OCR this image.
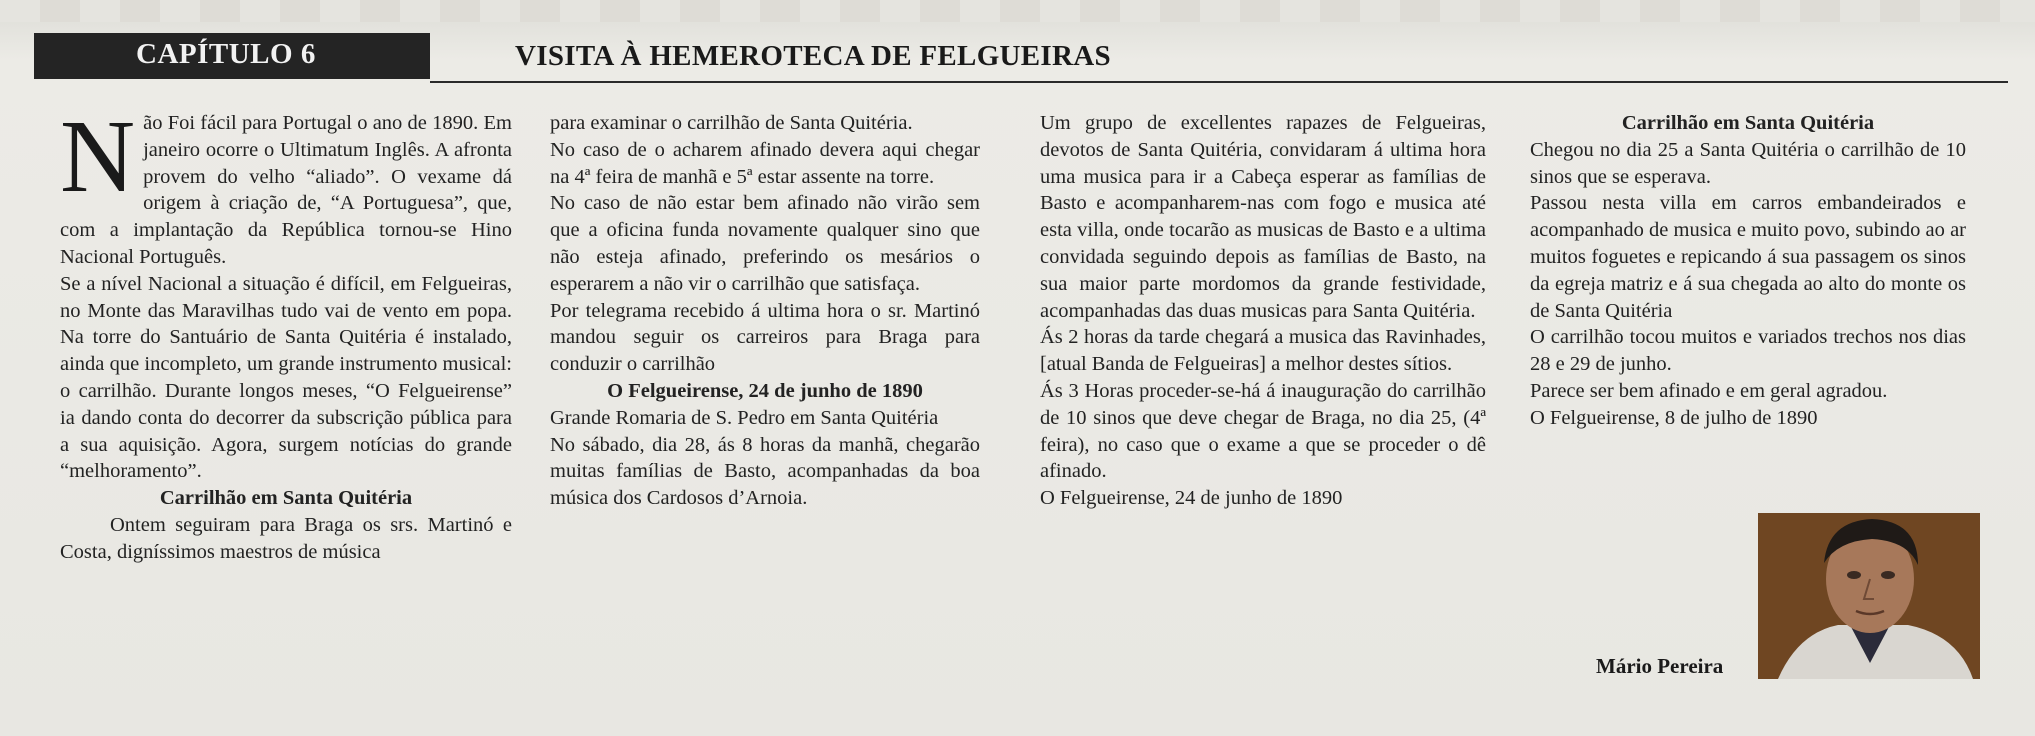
CAPÍTULO 6	VISITA À HEMEROTECA DE FELGUEIRAS

Não Foi fácil para Portugal o ano de 1890. Em janeiro ocorre o Ultimatum Inglês. A afronta provem do velho “aliado”. O vexame dá origem à criação de, “A Portuguesa”, que, com a implantação da República tornou-se Hino Nacional Português.

Se a nível Nacional a situação é difícil, em Felgueiras, no Monte das Maravilhas tudo vai de vento em popa. Na torre do Santuário de Santa Quitéria é instalado, ainda que incompleto, um grande instrumento musical: o carrilhão. Durante longos meses, “O Felgueirense” ia dando conta do decorrer da subscrição pública para a sua aquisição. Agora, surgem notícias do grande “melhoramento”.

Carrilhão em Santa Quitéria

Ontem seguiram para Braga os srs. Martinó e Costa, digníssimos maestros de música

para examinar o carrilhão de Santa Quitéria.

No caso de o acharem afinado devera aqui chegar na 4ª feira de manhã e 5ª estar assente na torre.

No caso de não estar bem afinado não virão sem que a oficina funda novamente qualquer sino que não esteja afinado, preferindo os mesários o esperarem a não vir o carrilhão que satisfaça.

Por telegrama recebido á ultima hora o sr. Martinó mandou seguir os carreiros para Braga para conduzir o carrilhão

O Felgueirense, 24 de junho de 1890

Grande Romaria de S. Pedro em Santa Quitéria

No sábado, dia 28, ás 8 horas da manhã, chegarão muitas famílias de Basto, acompanhadas da boa música dos Cardosos d’Arnoia.

Um grupo de excellentes rapazes de Felgueiras, devotos de Santa Quitéria, convidaram á ultima hora uma musica para ir a Cabeça esperar as famílias de Basto e acompanharem-nas com fogo e musica até esta villa, onde tocarão as musicas de Basto e a ultima convidada seguindo depois as famílias de Basto, na sua maior parte mordomos da grande festividade, acompanhadas das duas musicas para Santa Quitéria.

Ás 2 horas da tarde chegará a musica das Ravinhades, [atual Banda de Felgueiras] a melhor destes sítios.

Ás 3 Horas proceder-se-há á inauguração do carrilhão de 10 sinos que deve chegar de Braga, no dia 25, (4ª feira), no caso que o exame a que se proceder o dê afinado.

O Felgueirense, 24 de junho de 1890

Carrilhão em Santa Quitéria

Chegou no dia 25 a Santa Quitéria o carrilhão de 10 sinos que se esperava.

Passou nesta villa em carros embandeirados e acompanhado de musica e muito povo, subindo ao ar muitos foguetes e repicando á sua passagem os sinos da egreja matriz e á sua chegada ao alto do monte os de Santa Quitéria

O carrilhão tocou muitos e variados trechos nos dias 28 e 29 de junho.

Parece ser bem afinado e em geral agradou.

O Felgueirense, 8 de julho de 1890

Mário Pereira
